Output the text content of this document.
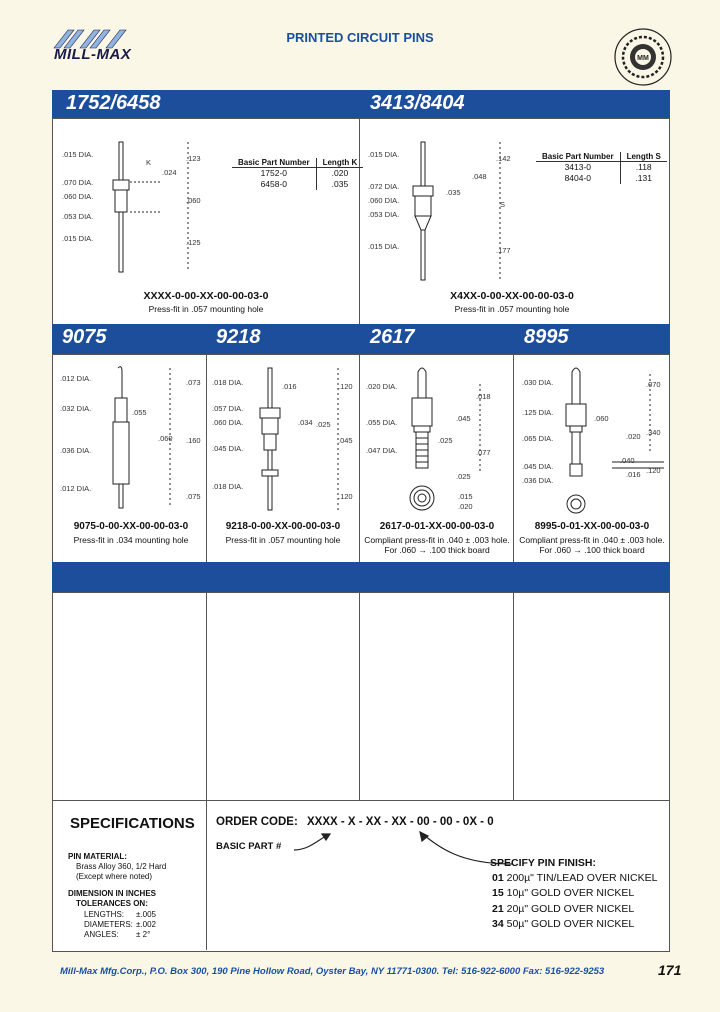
MILL-MAX
PRINTED CIRCUIT PINS
MM
1752/6458	3413/8404
.015 DIA.
.070 DIA.
.060 DIA.
.053 DIA.
.015 DIA.
K
.024
.123
.060
.125
Basic Part Number	Length K
1752-0	.020
6458-0	.035
XXXX-0-00-XX-00-00-03-0
Press-fit in .057 mounting hole
.015 DIA.
.072 DIA.
.060 DIA.
.053 DIA.
.015 DIA.
.142
.048
.035
S
.177
Basic Part Number	Length S
3413-0	.118
8404-0	.131
X4XX-0-00-XX-00-00-03-0
Press-fit in .057 mounting hole
9075	9218	2617	8995
.012 DIA.
.032 DIA.
.036 DIA.
.012 DIA.
.073
.055
.060 .160
.075
9075-0-00-XX-00-00-03-0
Press-fit in .034 mounting hole
.018 DIA.
.057 DIA.
.060 DIA.
.045 DIA.
.018 DIA.
.016	.120
.034 .025
.045
.120
9218-0-00-XX-00-00-03-0
Press-fit in .057 mounting hole
.020 DIA.
.055 DIA.
.047 DIA.
.018
.045
.025
.077
.025
.015
.020
2617-0-01-XX-00-00-03-0
Compliant press-fit in .040 ± .003 hole. For .060 → .100 thick board
.030 DIA.
.125 DIA.
.065 DIA.
.045 DIA.
.036 DIA.
.070
.060
.020 .340
.040
.016 .120
8995-0-01-XX-00-00-03-0
Compliant press-fit in .040 ± .003 hole. For .060 → .100 thick board
SPECIFICATIONS
PIN MATERIAL:
Brass Alloy 360, 1/2 Hard
(Except where noted)
DIMENSION IN INCHES
TOLERANCES ON:
LENGTHS: ±.005
DIAMETERS: ±.002
ANGLES: ± 2°
ORDER CODE: XXXX - X - XX - XX - 00 - 00 - 0X - 0
BASIC PART #
SPECIFY PIN FINISH:
01 200µ" TIN/LEAD OVER NICKEL
15 10µ" GOLD OVER NICKEL
21 20µ" GOLD OVER NICKEL
34 50µ" GOLD OVER NICKEL
Mill-Max Mfg.Corp., P.O. Box 300, 190 Pine Hollow Road, Oyster Bay, NY 11771-0300. Tel: 516-922-6000 Fax: 516-922-9253	171
